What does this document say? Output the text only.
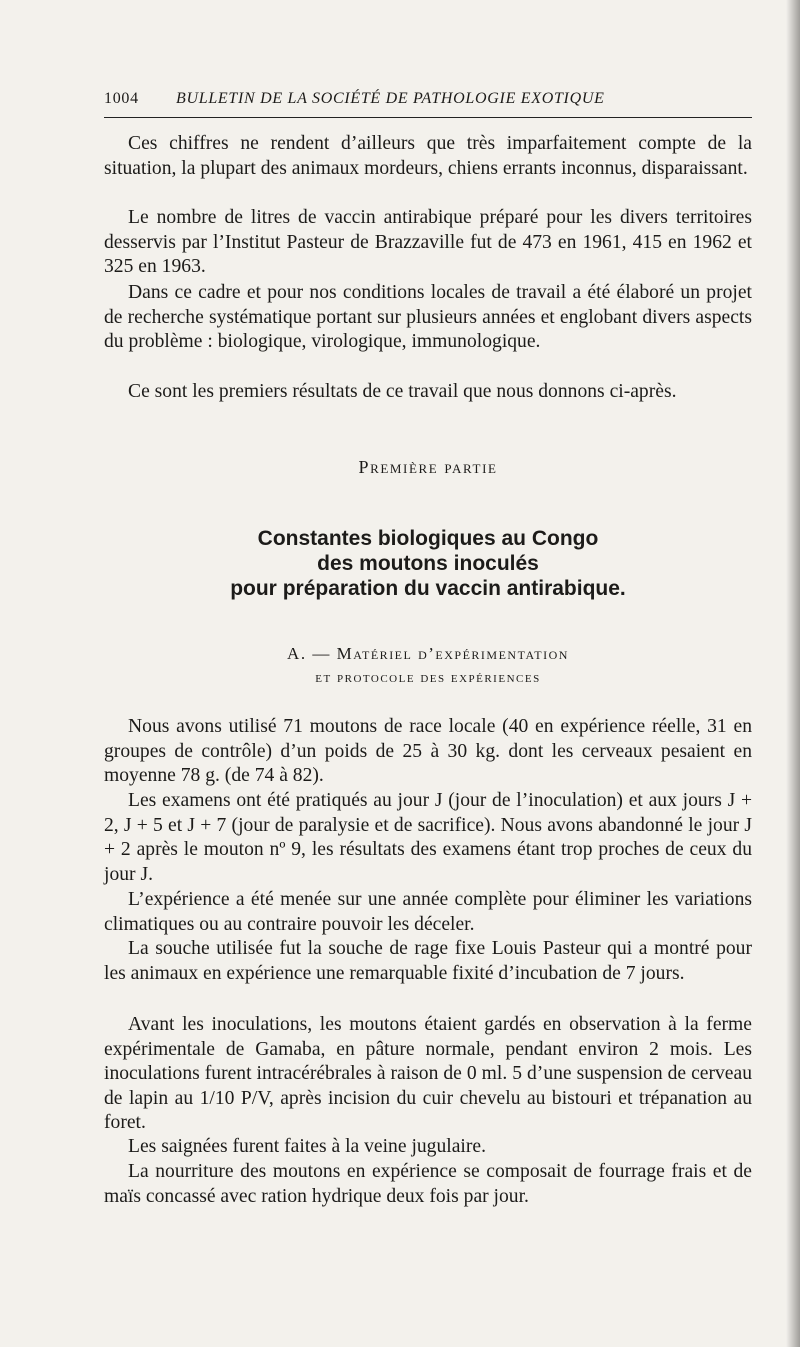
1004 BULLETIN DE LA SOCIÉTÉ DE PATHOLOGIE EXOTIQUE

Ces chiffres ne rendent d’ailleurs que très imparfaitement compte de la situation, la plupart des animaux mordeurs, chiens errants inconnus, disparaissant.

Le nombre de litres de vaccin antirabique préparé pour les divers territoires desservis par l’Institut Pasteur de Brazzaville fut de 473 en 1961, 415 en 1962 et 325 en 1963.

Dans ce cadre et pour nos conditions locales de travail a été élaboré un projet de recherche systématique portant sur plusieurs années et englobant divers aspects du problème : biologique, virologique, immunologique.

Ce sont les premiers résultats de ce travail que nous donnons ci-après.

Première partie
Constantes biologiques au Congo
des moutons inoculés
pour préparation du vaccin antirabique.
A. — Matériel d’expérimentation
et protocole des expériences

Nous avons utilisé 71 moutons de race locale (40 en expérience réelle, 31 en groupes de contrôle) d’un poids de 25 à 30 kg. dont les cerveaux pesaient en moyenne 78 g. (de 74 à 82).

Les examens ont été pratiqués au jour J (jour de l’inoculation) et aux jours J + 2, J + 5 et J + 7 (jour de paralysie et de sacrifice). Nous avons abandonné le jour J + 2 après le mouton nº 9, les résultats des examens étant trop proches de ceux du jour J.

L’expérience a été menée sur une année complète pour éliminer les variations climatiques ou au contraire pouvoir les déceler.

La souche utilisée fut la souche de rage fixe Louis Pasteur qui a montré pour les animaux en expérience une remarquable fixité d’incubation de 7 jours.

Avant les inoculations, les moutons étaient gardés en observation à la ferme expérimentale de Gamaba, en pâture normale, pendant environ 2 mois. Les inoculations furent intracérébrales à raison de 0 ml. 5 d’une suspension de cerveau de lapin au 1/10 P/V, après incision du cuir chevelu au bistouri et trépanation au foret.

Les saignées furent faites à la veine jugulaire.

La nourriture des moutons en expérience se composait de fourrage frais et de maïs concassé avec ration hydrique deux fois par jour.
